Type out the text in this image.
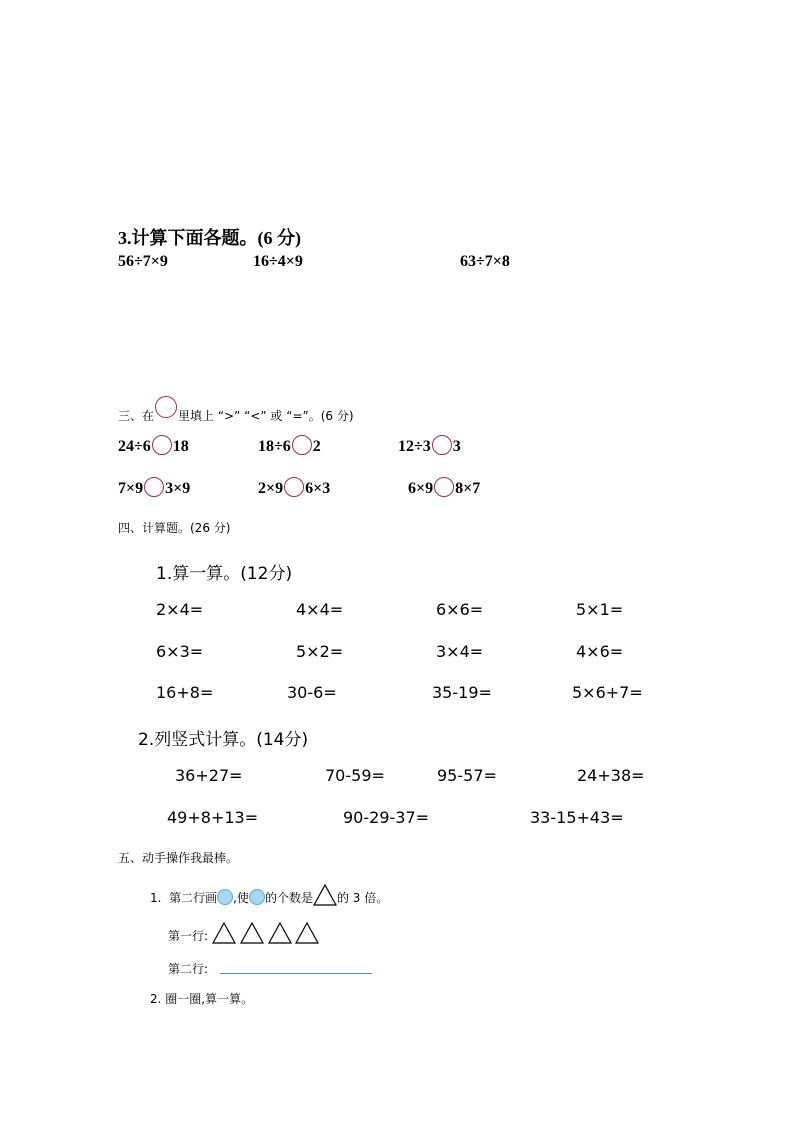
3.计算下面各题。(6 分)
56÷7×9	16÷4×9	63÷7×8
三、在 里填上 “>” “<” 或 “=”。(6 分)
24÷6 18	18÷6 2	12÷3 3
7×9 3×9	2×9 6×3	6×9 8×7
四、计算题。(26 分)
1.算一算。(12分)
2×4=	4×4=	6×6=	5×1=
6×3=	5×2=	3×4=	4×6=
16+8=	30-6=	35-19=	5×6+7=
2.列竖式计算。(14分)
36+27=	70-59=	95-57=	24+38=
49+8+13=	90-29-37=	33-15+43=
五、动手操作我最棒。
1. 第二行画 ,使 的个数是 的 3 倍。
第一行:
第二行:
2. 圈一圈,算一算。
